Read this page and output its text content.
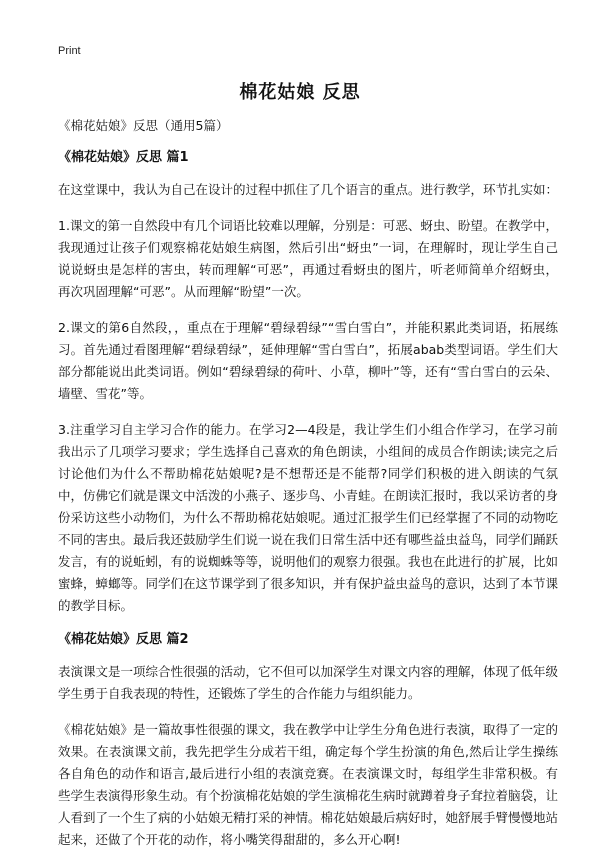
Print
棉花姑娘 反思
《棉花姑娘》反思（通用5篇）
《棉花姑娘》反思 篇1

在这堂课中，我认为自己在设计的过程中抓住了几个语言的重点。进行教学，环节扎实如：

1.课文的第一自然段中有几个词语比较难以理解，分别是：可恶、蚜虫、盼望。在教学中，我现通过让孩子们观察棉花姑娘生病图，然后引出“蚜虫”一词，在理解时，现让学生自己说说蚜虫是怎样的害虫，转而理解“可恶”，再通过看蚜虫的图片，听老师简单介绍蚜虫，再次巩固理解“可恶”。从而理解“盼望”一次。

2.课文的第6自然段，，重点在于理解“碧绿碧绿”“雪白雪白”，并能积累此类词语，拓展练习。首先通过看图理解“碧绿碧绿”，延伸理解“雪白雪白”，拓展abab类型词语。学生们大部分都能说出此类词语。例如“碧绿碧绿的荷叶、小草，柳叶”等，还有“雪白雪白的云朵、墙壁、雪花”等。

3.注重学习自主学习合作的能力。在学习2—4段是，我让学生们小组合作学习，在学习前我出示了几项学习要求；学生选择自己喜欢的角色朗读，小组间的成员合作朗读;读完之后讨论他们为什么不帮助棉花姑娘呢?是不想帮还是不能帮?同学们积极的进入朗读的气氛中，仿佛它们就是课文中活泼的小燕子、逐步鸟、小青蛙。在朗读汇报时，我以采访者的身份采访这些小动物们，为什么不帮助棉花姑娘呢。通过汇报学生们已经掌握了不同的动物吃不同的害虫。最后我还鼓励学生们说一说在我们日常生活中还有哪些益虫益鸟，同学们踊跃发言，有的说蚯蚓，有的说蜘蛛等等，说明他们的观察力很强。我也在此进行的扩展，比如蜜蜂，蟑螂等。同学们在这节课学到了很多知识，并有保护益虫益鸟的意识，达到了本节课的教学目标。

《棉花姑娘》反思 篇2

表演课文是一项综合性很强的活动，它不但可以加深学生对课文内容的理解，体现了低年级学生勇于自我表现的特性，还锻炼了学生的合作能力与组织能力。

《棉花姑娘》是一篇故事性很强的课文，我在教学中让学生分角色进行表演，取得了一定的效果。在表演课文前，我先把学生分成若干组，确定每个学生扮演的角色,然后让学生操练各自角色的动作和语言,最后进行小组的表演竞赛。在表演课文时，每组学生非常积极。有些学生表演得形象生动。有个扮演棉花姑娘的学生演棉花生病时就蹲着身子耷拉着脑袋，让人看到了一个生了病的小姑娘无精打采的神情。棉花姑娘最后病好时，她舒展手臂慢慢地站起来，还做了个开花的动作，将小嘴笑得甜甜的，多么开心啊!
